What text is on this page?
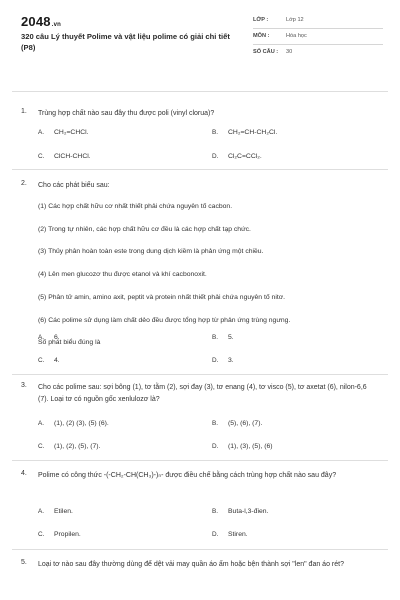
2048.vn
320 câu Lý thuyết Polime và vật liệu polime có giải chi tiết (P8)
LỚP :	Lớp 12
MÔN :	Hóa học
SỐ CÂU : 30
1. Trùng hợp chất nào sau đây thu được poli (vinyl clorua)?
A. CH₂=CHCl.	B. CH₂=CH-CH₂Cl.
C. ClCH-CHCl.	D. Cl₂C=CCl₂.
2. Cho các phát biểu sau:
(1) Các hợp chất hữu cơ nhất thiết phải chứa nguyên tố cacbon.
(2) Trong tự nhiên, các hợp chất hữu cơ đều là các hợp chất tạp chức.
(3) Thủy phân hoàn toàn este trong dung dịch kiềm là phản ứng một chiều.
(4) Lên men glucozơ thu được etanol và khí cacbonoxit.
(5) Phân tử amin, amino axit, peptit và protein nhất thiết phải chứa nguyên tố nitơ.
(6) Các polime sử dụng làm chất dẻo đều được tổng hợp từ phản ứng trùng ngưng.
Số phát biểu đúng là
A. 6.	B. 5.
C. 4.	D. 3.
3. Cho các polime sau: sợi bông (1), tơ tằm (2), sợi đay (3), tơ enang (4), tơ visco (5), tơ axetat (6), nilon-6,6 (7). Loại tơ có nguồn gốc xenlulozơ là?
A. (1), (2) (3), (5) (6).	B. (5), (6), (7).
C. (1), (2), (5), (7).	D. (1), (3), (5), (6)
4. Polime có công thức -(-CH₂-CH(CH₃)-)ₙ- được điều chế bằng cách trùng hợp chất nào sau đây?
A. Etilen.	B. Buta-l,3-đien.
C. Propilen.	D. Stiren.
5. Loại tơ nào sau đây thường dùng để dệt vải may quần áo ấm hoặc bện thành sợi "len" đan áo rét?
